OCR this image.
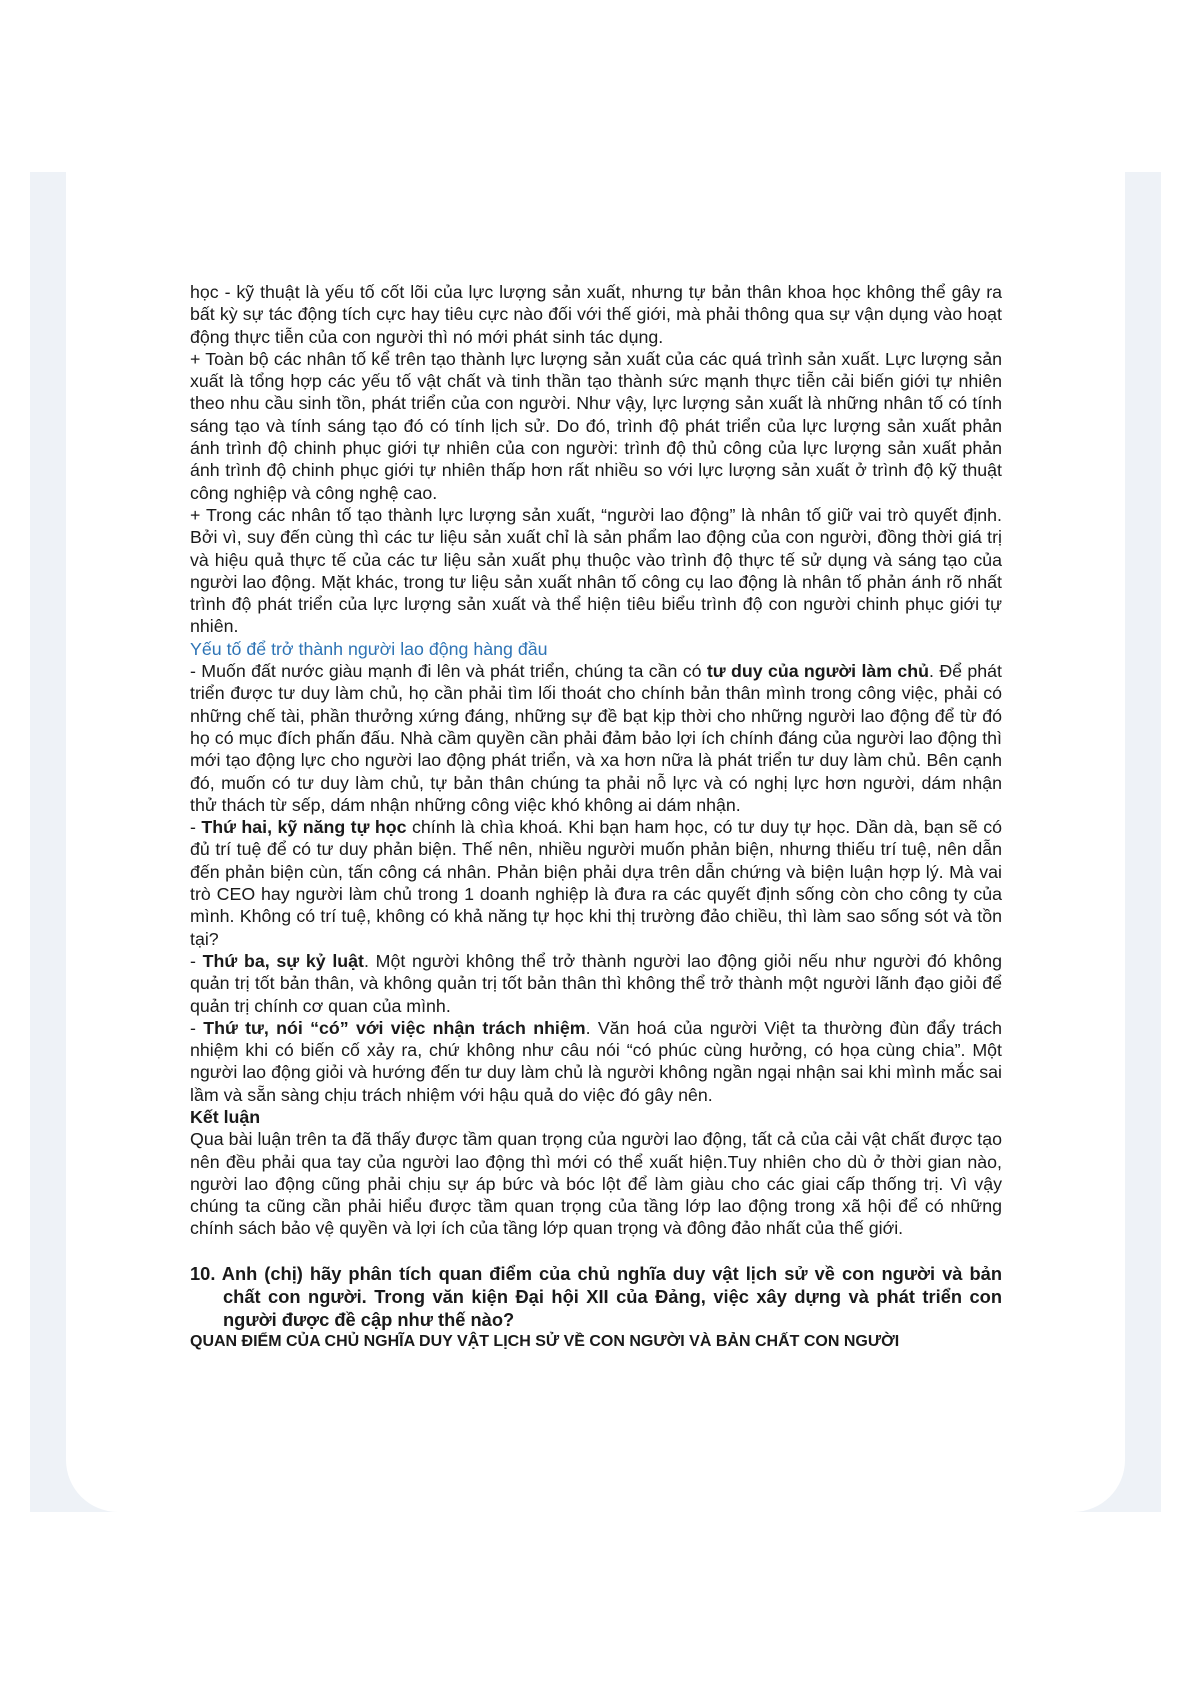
học - kỹ thuật là yếu tố cốt lõi của lực lượng sản xuất, nhưng tự bản thân khoa học không thể gây ra bất kỳ sự tác động tích cực hay tiêu cực nào đối với thế giới, mà phải thông qua sự vận dụng vào hoạt động thực tiễn của con người thì nó mới phát sinh tác dụng.

+ Toàn bộ các nhân tố kể trên tạo thành lực lượng sản xuất của các quá trình sản xuất. Lực lượng sản xuất là tổng hợp các yếu tố vật chất và tinh thần tạo thành sức mạnh thực tiễn cải biến giới tự nhiên theo nhu cầu sinh tồn, phát triển của con người. Như vậy, lực lượng sản xuất là những nhân tố có tính sáng tạo và tính sáng tạo đó có tính lịch sử. Do đó, trình độ phát triển của lực lượng sản xuất phản ánh trình độ chinh phục giới tự nhiên của con người: trình độ thủ công của lực lượng sản xuất phản ánh trình độ chinh phục giới tự nhiên thấp hơn rất nhiều so với lực lượng sản xuất ở trình độ kỹ thuật công nghiệp và công nghệ cao.

+ Trong các nhân tố tạo thành lực lượng sản xuất, “người lao động” là nhân tố giữ vai trò quyết định. Bởi vì, suy đến cùng thì các tư liệu sản xuất chỉ là sản phẩm lao động của con người, đồng thời giá trị và hiệu quả thực tế của các tư liệu sản xuất phụ thuộc vào trình độ thực tế sử dụng và sáng tạo của người lao động. Mặt khác, trong tư liệu sản xuất nhân tố công cụ lao động là nhân tố phản ánh rõ nhất trình độ phát triển của lực lượng sản xuất và thể hiện tiêu biểu trình độ con người chinh phục giới tự nhiên.

Yếu tố để trở thành người lao động hàng đầu

- Muốn đất nước giàu mạnh đi lên và phát triển, chúng ta cần có tư duy của người làm chủ. Để phát triển được tư duy làm chủ, họ cần phải tìm lối thoát cho chính bản thân mình trong công việc, phải có những chế tài, phần thưởng xứng đáng, những sự đề bạt kịp thời cho những người lao động để từ đó họ có mục đích phấn đấu. Nhà cầm quyền cần phải đảm bảo lợi ích chính đáng của người lao động thì mới tạo động lực cho người lao động phát triển, và xa hơn nữa là phát triển tư duy làm chủ. Bên cạnh đó, muốn có tư duy làm chủ, tự bản thân chúng ta phải nỗ lực và có nghị lực hơn người, dám nhận thử thách từ sếp, dám nhận những công việc khó không ai dám nhận.

- Thứ hai, kỹ năng tự học chính là chìa khoá. Khi bạn ham học, có tư duy tự học. Dần dà, bạn sẽ có đủ trí tuệ để có tư duy phản biện. Thế nên, nhiều người muốn phản biện, nhưng thiếu trí tuệ, nên dẫn đến phản biện cùn, tấn công cá nhân. Phản biện phải dựa trên dẫn chứng và biện luận hợp lý. Mà vai trò CEO hay người làm chủ trong 1 doanh nghiệp là đưa ra các quyết định sống còn cho công ty của mình. Không có trí tuệ, không có khả năng tự học khi thị trường đảo chiều, thì làm sao sống sót và tồn tại?

- Thứ ba, sự kỷ luật. Một người không thể trở thành người lao động giỏi nếu như người đó không quản trị tốt bản thân, và không quản trị tốt bản thân thì không thể trở thành một người lãnh đạo giỏi để quản trị chính cơ quan của mình.

- Thứ tư, nói “có” với việc nhận trách nhiệm. Văn hoá của người Việt ta thường đùn đẩy trách nhiệm khi có biến cố xảy ra, chứ không như câu nói “có phúc cùng hưởng, có họa cùng chia”. Một người lao động giỏi và hướng đến tư duy làm chủ là người không ngần ngại nhận sai khi mình mắc sai lầm và sẵn sàng chịu trách nhiệm với hậu quả do việc đó gây nên.

Kết luận

Qua bài luận trên ta đã thấy được tầm quan trọng của người lao động, tất cả của cải vật chất được tạo nên đều phải qua tay của người lao động thì mới có thể xuất hiện.Tuy nhiên cho dù ở thời gian nào, người lao động cũng phải chịu sự áp bức và bóc lột để làm giàu cho các giai cấp thống trị. Vì vậy chúng ta cũng cần phải hiểu được tầm quan trọng của tầng lớp lao động trong xã hội để có những chính sách bảo vệ quyền và lợi ích của tầng lớp quan trọng và đông đảo nhất của thế giới.

10. Anh (chị) hãy phân tích quan điểm của chủ nghĩa duy vật lịch sử về con người và bản chất con người. Trong văn kiện Đại hội XII của Đảng, việc xây dựng và phát triển con người được đề cập như thế nào?

QUAN ĐIỂM CỦA CHỦ NGHĨA DUY VẬT LỊCH SỬ VỀ CON NGƯỜI VÀ BẢN CHẤT CON NGƯỜI
